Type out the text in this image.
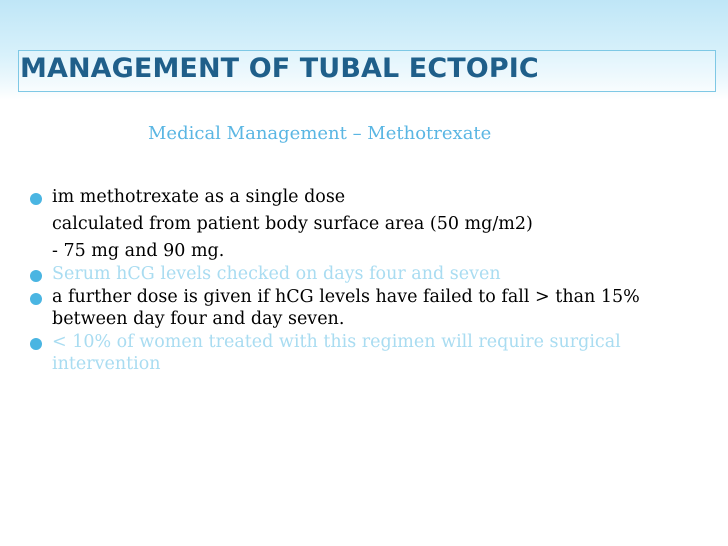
MANAGEMENT OF TUBAL ECTOPIC
Medical Management – Methotrexate
im methotrexate as a single dose
calculated from patient body surface area (50 mg/m2)
- 75 mg and 90 mg.
Serum hCG levels checked on days four and seven
a further dose is given if hCG levels have failed to fall > than 15% between day four and day seven.
< 10% of women treated with this regimen will require surgical intervention
